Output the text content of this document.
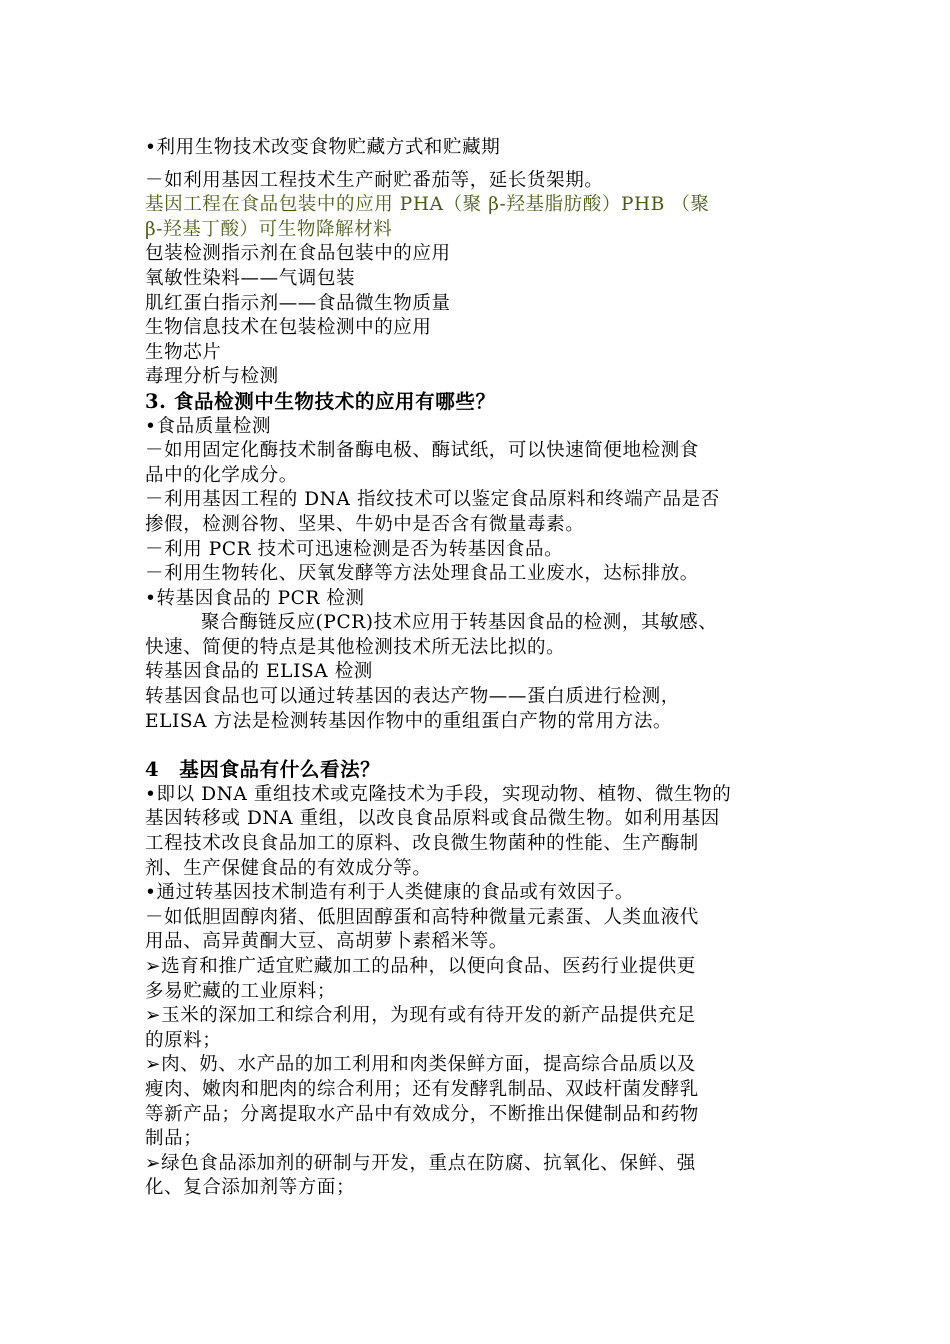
•利用生物技术改变食物贮藏方式和贮藏期
－如利用基因工程技术生产耐贮番茄等，延长货架期。
基因工程在食品包装中的应用 PHA（聚 β-羟基脂肪酸）PHB （聚
β-羟基丁酸）可生物降解材料
包装检测指示剂在食品包装中的应用
氧敏性染料——气调包装
肌红蛋白指示剂——食品微生物质量
生物信息技术在包装检测中的应用
生物芯片
毒理分析与检测
3. 食品检测中生物技术的应用有哪些？
•食品质量检测
－如用固定化酶技术制备酶电极、酶试纸，可以快速简便地检测食
品中的化学成分。
－利用基因工程的 DNA 指纹技术可以鉴定食品原料和终端产品是否
掺假，检测谷物、坚果、牛奶中是否含有微量毒素。
－利用 PCR 技术可迅速检测是否为转基因食品。
－利用生物转化、厌氧发酵等方法处理食品工业废水，达标排放。
•转基因食品的 PCR 检测
聚合酶链反应(PCR)技术应用于转基因食品的检测，其敏感、
快速、简便的特点是其他检测技术所无法比拟的。
转基因食品的 ELISA 检测
转基因食品也可以通过转基因的表达产物——蛋白质进行检测，
ELISA 方法是检测转基因作物中的重组蛋白产物的常用方法。
4　基因食品有什么看法？
•即以 DNA 重组技术或克隆技术为手段，实现动物、植物、微生物的
基因转移或 DNA 重组，以改良食品原料或食品微生物。如利用基因
工程技术改良食品加工的原料、改良微生物菌种的性能、生产酶制
剂、生产保健食品的有效成分等。
•通过转基因技术制造有利于人类健康的食品或有效因子。
－如低胆固醇肉猪、低胆固醇蛋和高特种微量元素蛋、人类血液代
用品、高异黄酮大豆、高胡萝卜素稻米等。
➢选育和推广适宜贮藏加工的品种，以便向食品、医药行业提供更
多易贮藏的工业原料；
➢玉米的深加工和综合利用，为现有或有待开发的新产品提供充足
的原料；
➢肉、奶、水产品的加工利用和肉类保鲜方面，提高综合品质以及
瘦肉、嫩肉和肥肉的综合利用；还有发酵乳制品、双歧杆菌发酵乳
等新产品；分离提取水产品中有效成分，不断推出保健制品和药物
制品；
➢绿色食品添加剂的研制与开发，重点在防腐、抗氧化、保鲜、强
化、复合添加剂等方面；
